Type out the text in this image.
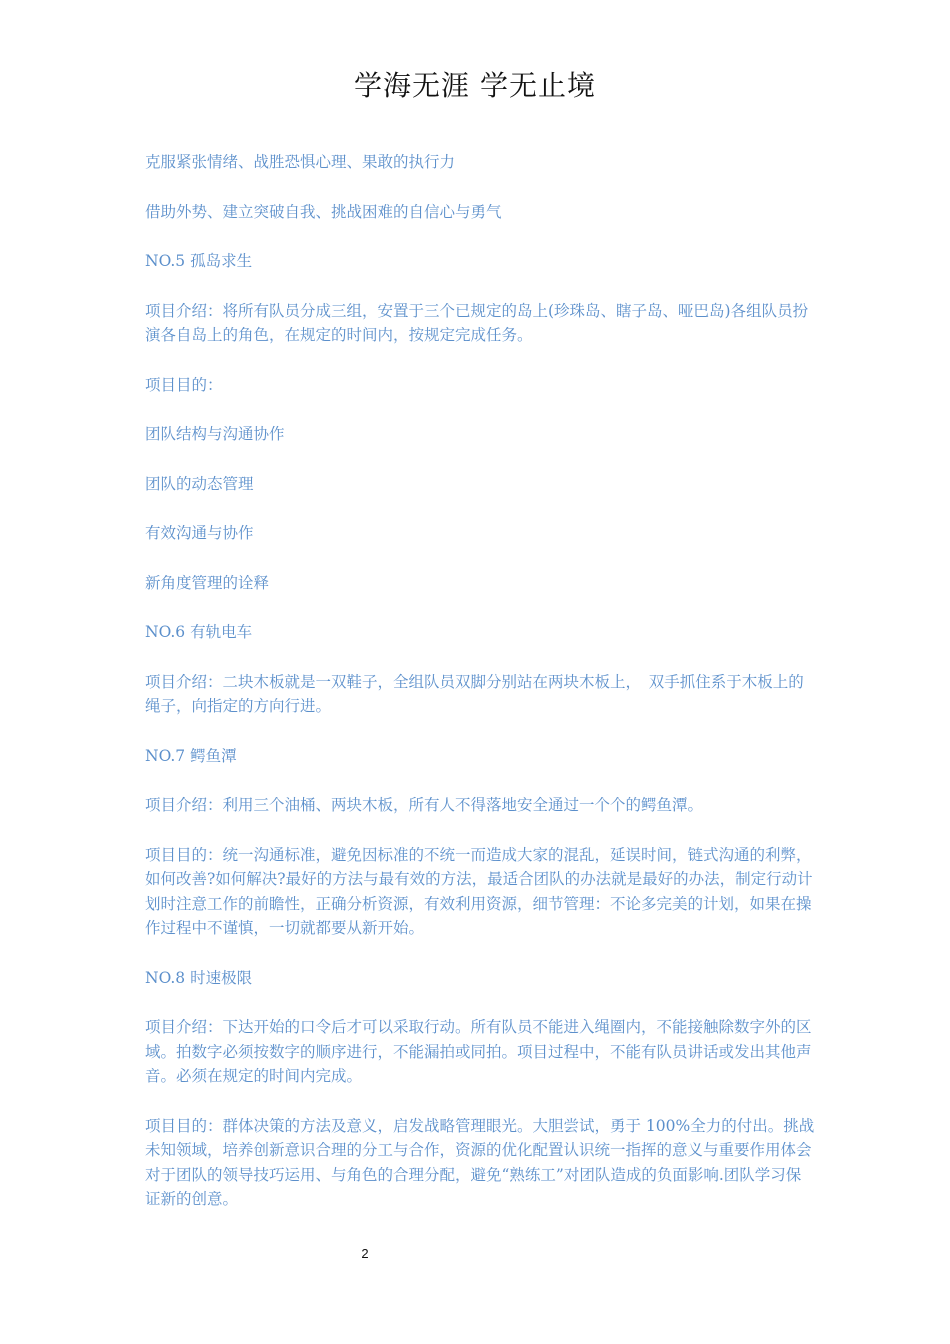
学海无涯 学无止境

克服紧张情绪、战胜恐惧心理、果敢的执行力

借助外势、建立突破自我、挑战困难的自信心与勇气

NO.5 孤岛求生

项目介绍：将所有队员分成三组，安置于三个已规定的岛上(珍珠岛、瞎子岛、哑巴岛)各组队员扮演各自岛上的角色，在规定的时间内，按规定完成任务。

项目目的：

团队结构与沟通协作

团队的动态管理

有效沟通与协作

新角度管理的诠释

NO.6 有轨电车

项目介绍：二块木板就是一双鞋子，全组队员双脚分别站在两块木板上，　双手抓住系于木板上的绳子，向指定的方向行进。

NO.7 鳄鱼潭

项目介绍：利用三个油桶、两块木板，所有人不得落地安全通过一个个的鳄鱼潭。

项目目的：统一沟通标准，避免因标准的不统一而造成大家的混乱，延误时间，链式沟通的利弊，如何改善?如何解决?最好的方法与最有效的方法，最适合团队的办法就是最好的办法，制定行动计划时注意工作的前瞻性，正确分析资源，有效利用资源，细节管理：不论多完美的计划，如果在操作过程中不谨慎，一切就都要从新开始。

NO.8 时速极限

项目介绍：下达开始的口令后才可以采取行动。所有队员不能进入绳圈内，不能接触除数字外的区域。拍数字必须按数字的顺序进行，不能漏拍或同拍。项目过程中，不能有队员讲话或发出其他声音。必须在规定的时间内完成。

项目目的：群体决策的方法及意义，启发战略管理眼光。大胆尝试，勇于 100%全力的付出。挑战未知领域，培养创新意识合理的分工与合作，资源的优化配置认识统一指挥的意义与重要作用体会对于团队的领导技巧运用、与角色的合理分配，避免“熟练工”对团队造成的负面影响.团队学习保证新的创意。

2
